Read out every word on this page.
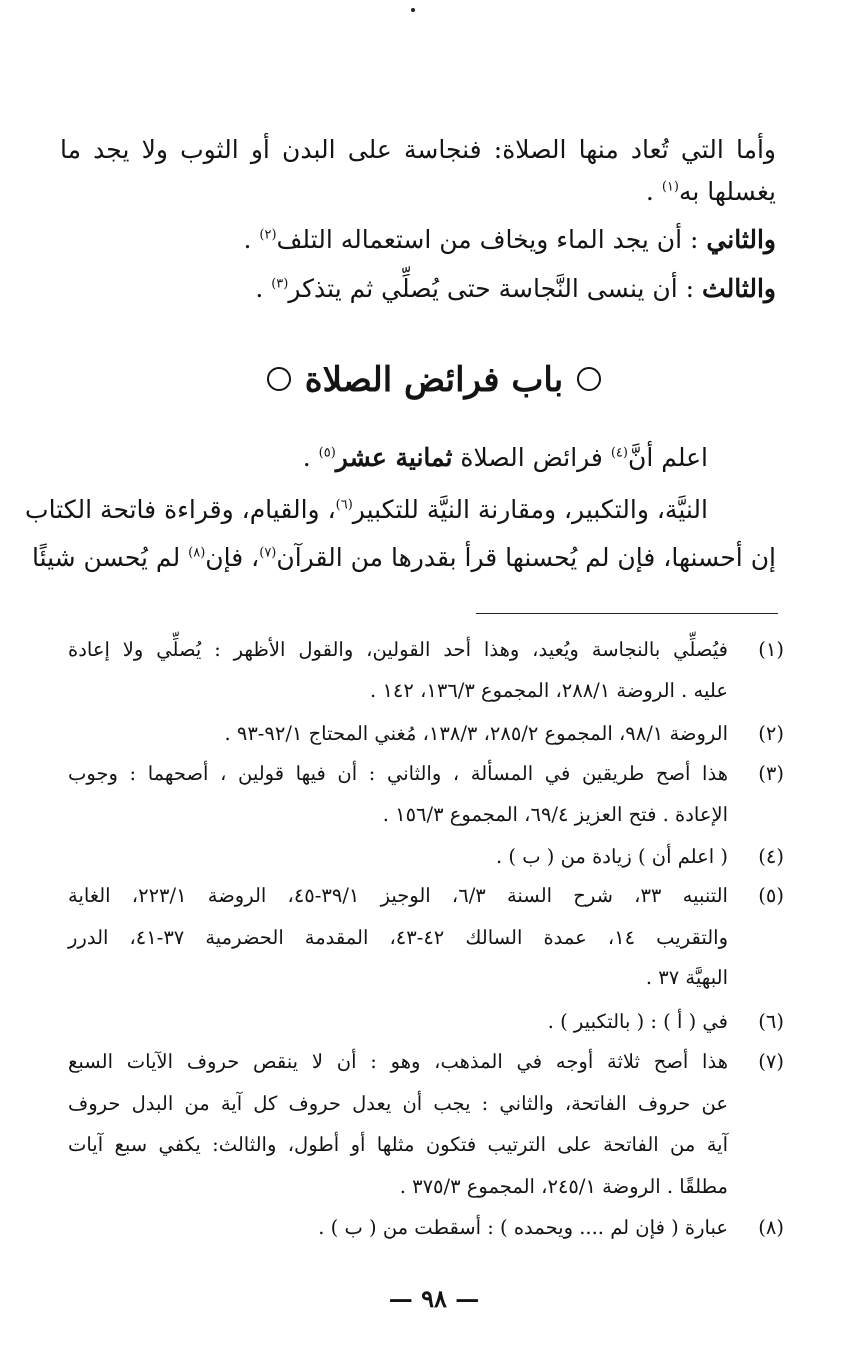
وأما التي تُعاد منها الصلاة: فنجاسة على البدن أو الثوب ولا يجد ما
يغسلها به$^{(١)}$ .
والثاني : أن يجد الماء ويخاف من استعماله التلف$^{(٢)}$ .
والثالث : أن ينسى النَّجاسة حتى يُصلِّي ثم يتذكر$^{(٣)}$ .
باب فرائض الصلاة
اعلم أنَّ$^{(٤)}$ فرائض الصلاة ثمانية عشر$^{(٥)}$ .
النيَّة، والتكبير، ومقارنة النيَّة للتكبير$^{(٦)}$، والقيام، وقراءة فاتحة الكتاب
إن أحسنها، فإن لم يُحسنها قرأ بقدرها من القرآن$^{(٧)}$، فإن$^{(٨)}$ لم يُحسن شيئًا
(١)
فيُصلِّي بالنجاسة ويُعيد، وهذا أحد القولين، والقول الأظهر : يُصلِّي ولا إعادة
عليه . الروضة ٢٨٨/١، المجموع ١٣٦/٣، ١٤٢ .
(٢)
الروضة ٩٨/١، المجموع ٢٨٥/٢، ١٣٨/٣، مُغني المحتاج ٩٢/١-٩٣ .
(٣)
هذا أصح طريقين في المسألة ، والثاني : أن فيها قولين ، أصحهما : وجوب
الإعادة . فتح العزيز ٦٩/٤، المجموع ١٥٦/٣ .
(٤)
( اعلم أن ) زيادة من ( ب ) .
(٥)
التنبيه ٣٣، شرح السنة ٦/٣، الوجيز ٣٩/١-٤٥، الروضة ٢٢٣/١، الغاية
والتقريب ١٤، عمدة السالك ٤٢-٤٣، المقدمة الحضرمية ٣٧-٤١، الدرر
البهيَّة ٣٧ .
(٦)
في ( أ ) : ( بالتكبير ) .
(٧)
هذا أصح ثلاثة أوجه في المذهب، وهو : أن لا ينقص حروف الآيات السبع
عن حروف الفاتحة، والثاني : يجب أن يعدل حروف كل آية من البدل حروف
آية من الفاتحة على الترتيب فتكون مثلها أو أطول، والثالث: يكفي سبع آيات
مطلقًا . الروضة ٢٤٥/١، المجموع ٣٧٥/٣ .
(٨)
عبارة ( فإن لم .... ويحمده ) : أسقطت من ( ب ) .
— ٩٨ —
